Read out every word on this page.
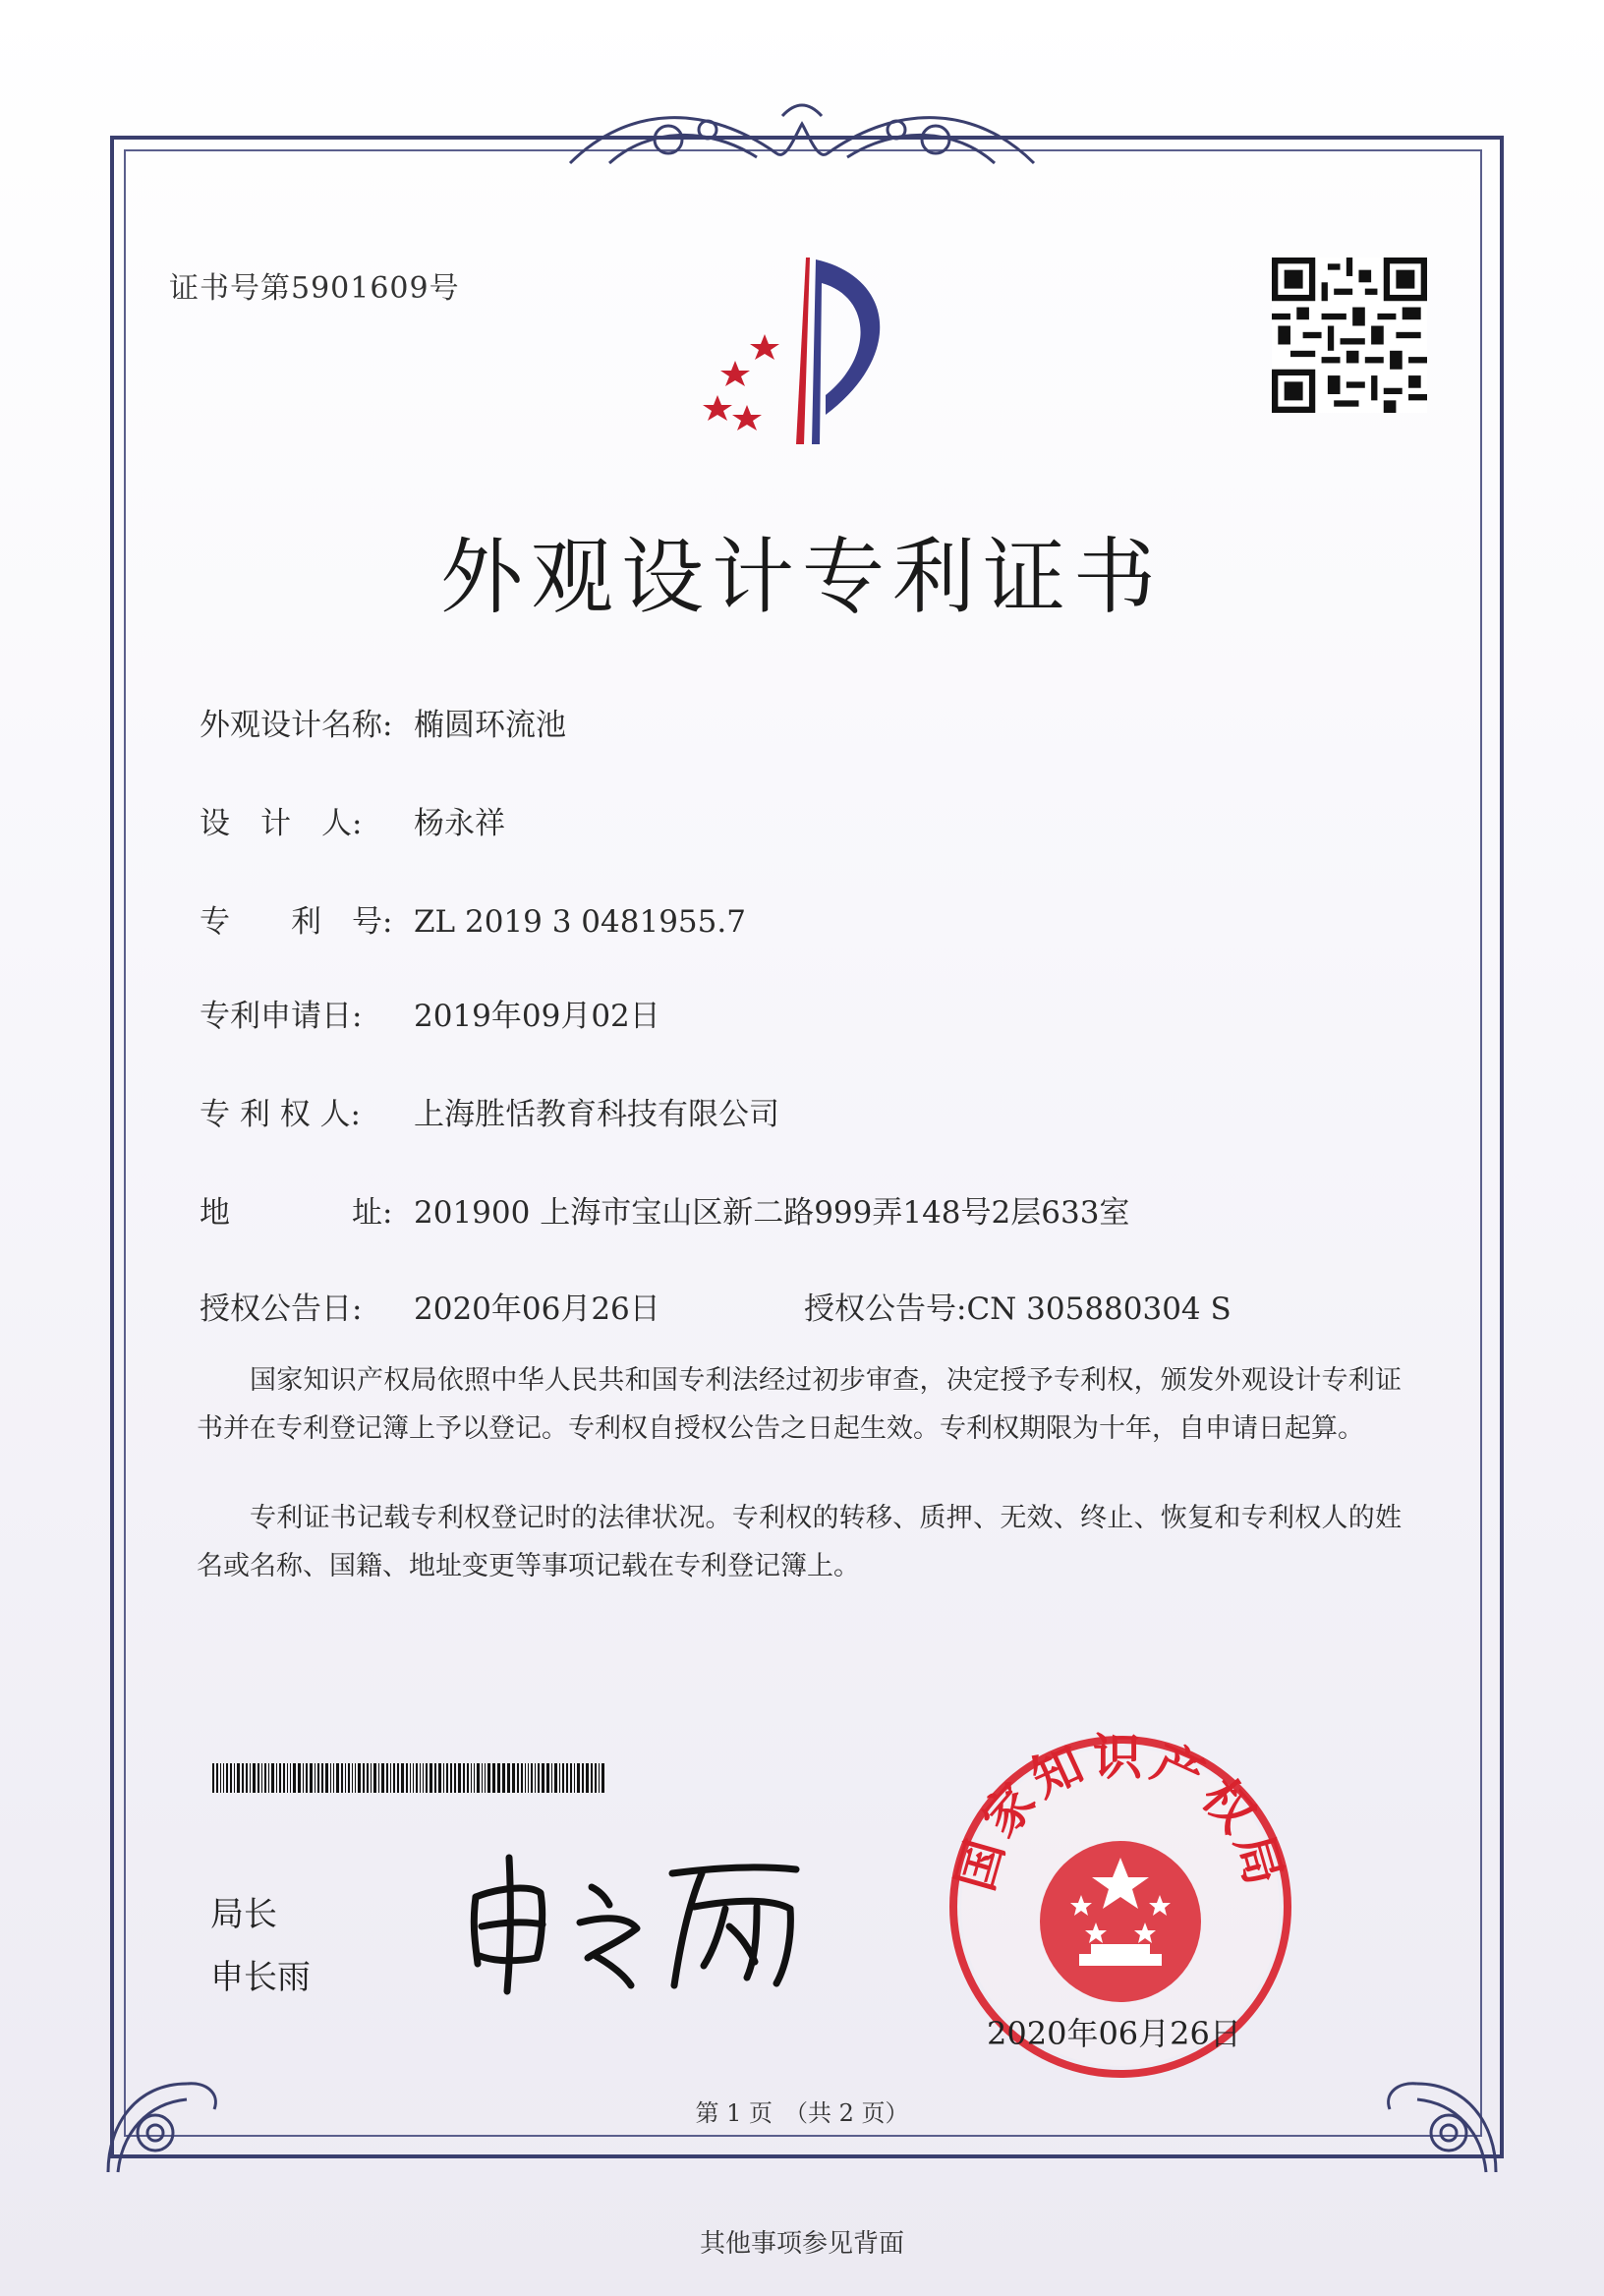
证书号第5901609号
外观设计专利证书
外观设计名称: 椭圆环流池
设　计　人: 杨永祥
专　　利　号: ZL 2019 3 0481955.7
专利申请日: 2019年09月02日
专 利 权 人: 上海胜恬教育科技有限公司
地　　　　址: 201900 上海市宝山区新二路999弄148号2层633室
授权公告日: 2020年06月26日	授权公告号:CN 305880304 S
国家知识产权局依照中华人民共和国专利法经过初步审查，决定授予专利权，颁发外观设计专利证书并在专利登记簿上予以登记。专利权自授权公告之日起生效。专利权期限为十年，自申请日起算。
专利证书记载专利权登记时的法律状况。专利权的转移、质押、无效、终止、恢复和专利权人的姓名或名称、国籍、地址变更等事项记载在专利登记簿上。
局长
申长雨
国家知识产权局
2020年06月26日
第 1 页　（共 2 页）
其他事项参见背面
